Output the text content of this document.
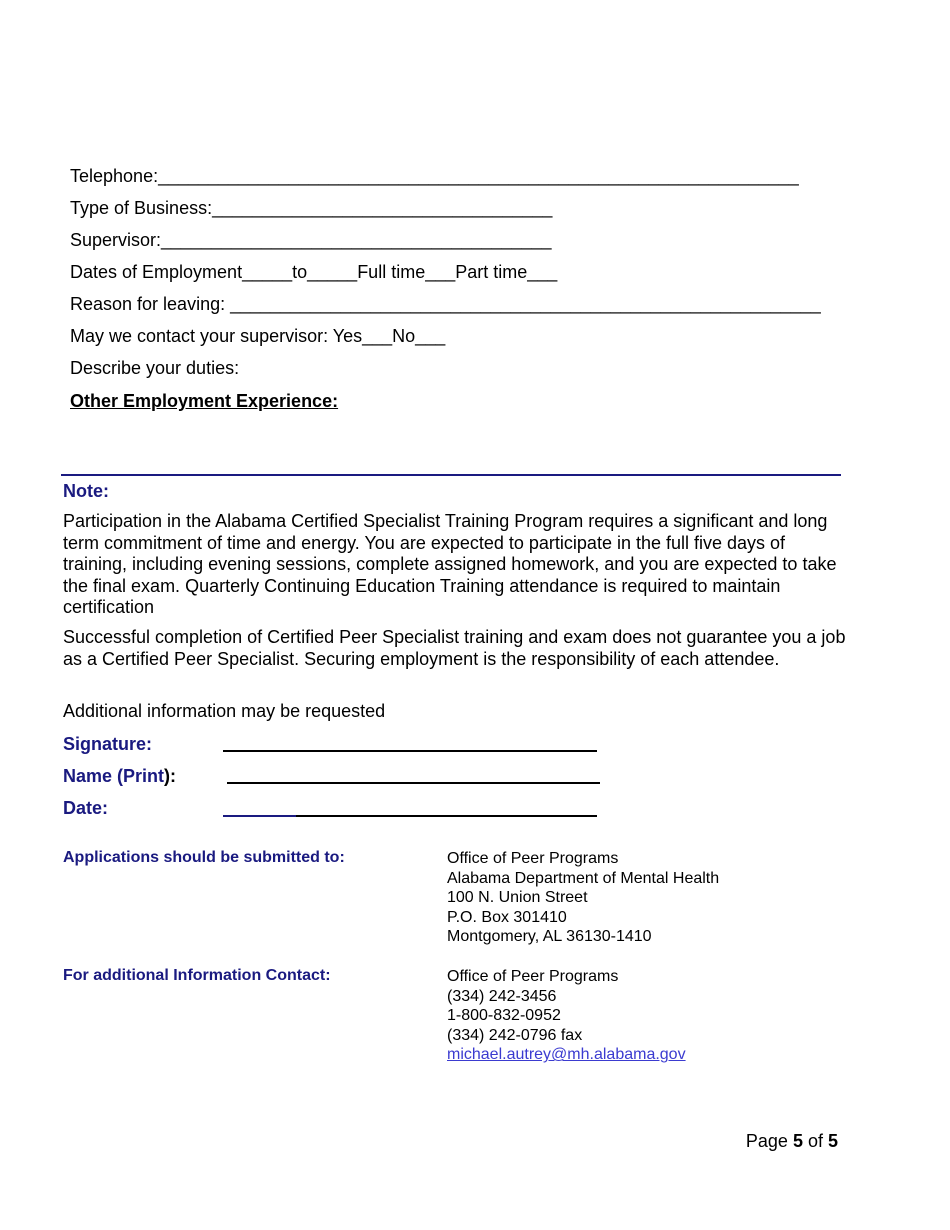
Telephone:________________________________________________________________
Type of Business:__________________________________
Supervisor:_______________________________________
Dates of Employment_____to_____Full time___Part time___
Reason for leaving: ___________________________________________________________
May we contact your supervisor: Yes___No___
Describe your duties:
Other Employment Experience:
Note:

Participation in the Alabama Certified Specialist Training Program requires a significant and long term commitment of time and energy. You are expected to participate in the full five days of training, including evening sessions, complete assigned homework, and you are expected to take the final exam. Quarterly Continuing Education Training attendance is required to maintain certification

Successful completion of Certified Peer Specialist training and exam does not guarantee you a job as a Certified Peer Specialist. Securing employment is the responsibility of each attendee.

Additional information may be requested

Signature:
Name (Print):
Date:
Applications should be submitted to:	Office of Peer Programs
Alabama Department of Mental Health
100 N. Union Street
P.O. Box 301410
Montgomery, AL 36130-1410
For additional Information Contact:	Office of Peer Programs
(334) 242-3456
1-800-832-0952
(334) 242-0796 fax
michael.autrey@mh.alabama.gov
Page 5 of 5
